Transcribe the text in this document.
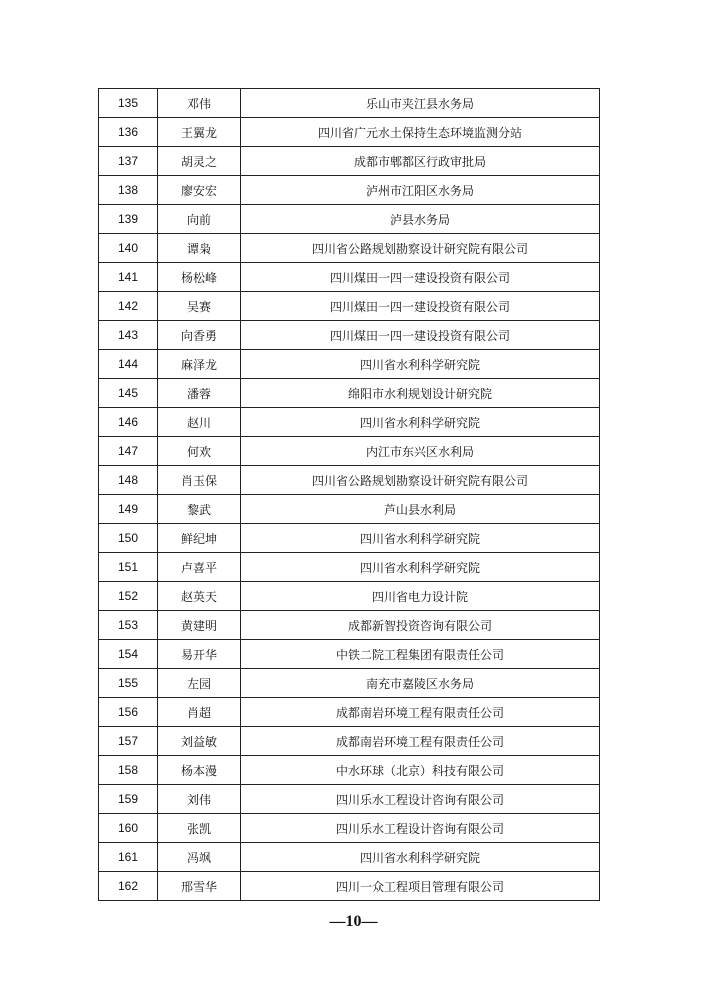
135	邓伟	乐山市夹江县水务局
136	王翼龙	四川省广元水土保持生态环境监测分站
137	胡灵之	成都市郫都区行政审批局
138	廖安宏	泸州市江阳区水务局
139	向前	泸县水务局
140	谭枭	四川省公路规划勘察设计研究院有限公司
141	杨松峰	四川煤田一四一建设投资有限公司
142	吴赛	四川煤田一四一建设投资有限公司
143	向香勇	四川煤田一四一建设投资有限公司
144	麻泽龙	四川省水利科学研究院
145	潘蓉	绵阳市水利规划设计研究院
146	赵川	四川省水利科学研究院
147	何欢	内江市东兴区水利局
148	肖玉保	四川省公路规划勘察设计研究院有限公司
149	黎武	芦山县水利局
150	鲜纪坤	四川省水利科学研究院
151	卢喜平	四川省水利科学研究院
152	赵英天	四川省电力设计院
153	黄建明	成都新智投资咨询有限公司
154	易开华	中铁二院工程集团有限责任公司
155	左园	南充市嘉陵区水务局
156	肖超	成都南岩环境工程有限责任公司
157	刘益敏	成都南岩环境工程有限责任公司
158	杨本漫	中水环球（北京）科技有限公司
159	刘伟	四川乐水工程设计咨询有限公司
160	张凯	四川乐水工程设计咨询有限公司
161	冯飒	四川省水利科学研究院
162	邢雪华	四川一众工程项目管理有限公司
—10—
